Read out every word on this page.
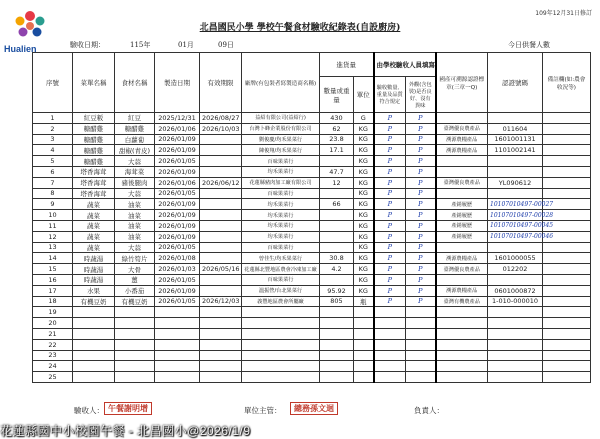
Hualien
109年12月31日修訂
北昌國民小學 學校午餐食材驗收紀錄表(自設廚房)
驗收日期：	115年	01月	09日	今日供餐人數
序號	菜單名稱	食材名稱	製造日期	有效期限	廠牌(有包裝者寫製造商名稱)	進貨量		由學校驗收人員填寫		國產可溯源認證標章(三章一Q)	認證號碼	備註欄(如:農會收況等)
						數量或重量	單位	驗收數量、重量及品質符合規定	外觀(含包裝)是否良好、沒有異味			
1	紅豆粄	紅豆	2025/12/31	2026/08/27	益紹有限公司(益紹行)	430	G	P	P			
2	糖醋雞	糖醋雞	2026/01/06	2026/10/03	台灣卜蜂企業股份有限公司	62	KG	P	P	臺灣優良農產品	011604	
3	糖醋雞	白蘿蔔	2026/01/09		劉俊慶/均禾果菜行	23.8	KG	P	P	溯源農糧產品	1601001131	
4	糖醋雞	甜椒(青皮)	2026/01/09		陳俊翔/均禾果菜行	17.1	KG	P	P	溯源農糧產品	1101002141	
5	糖醋雞	大蒜	2026/01/05		百味果菜行		KG	P	P			
6	塔香海茸	海茸菜	2026/01/09		均禾果菜行	47.7	KG	P	P			
7	塔香海茸	豬後腿肉	2026/01/06	2026/06/12	花蓮縣豬肉加工廠有限公司	12	KG	P	P	臺灣優良農產品	YL090612	
8	塔香海茸	大蒜	2026/01/05		百味果菜行		KG	P	P			
9	蔬菜	油菜	2026/01/09		均禾果菜行	66	KG	P	P	產銷履歷	10107010497-00027	
10	蔬菜	油菜	2026/01/09		均禾果菜行		KG	P	P	產銷履歷	10107010497-00028	
11	蔬菜	油菜	2026/01/09		均禾果菜行		KG	P	P	產銷履歷	10107010497-00045	
12	蔬菜	油菜	2026/01/09		均禾果菜行		KG	P	P	產銷履歷	10107010497-00046	
13	蔬菜	大蒜	2026/01/05		百味果菜行		KG	P	P			
14	時蔬湯	綠竹筍片	2026/01/08		曾佳生/均禾果菜行	30.8	KG	P	P	溯源農糧產品	1601000055	
15	時蔬湯	大骨	2026/01/03	2026/05/16	花蓮縣北豐地區農會冷凍加工廠	4.2	KG	P	P	臺灣優良農產品	012202	
16	時蔬湯	薑	2026/01/05		百味果菜行		KG	P	P			
17	水果	小番茄	2026/01/09		溫振營/台北果菜行	95.92	KG	P	P	溯源農糧產品	0601000872	
18	有機豆奶	有機豆奶	2026/01/05	2026/12/03	義豐地區農會所屬廠	805	瓶	P	P	臺灣有機農產品	1-010-000010	
19												
20												
21												
22												
23												
24												
25												
驗收人： 午餐謝明增	單位主管：	總務孫文迴	負責人：
花蓮縣國中小校園午餐 - 北昌國小@2026/1/9
